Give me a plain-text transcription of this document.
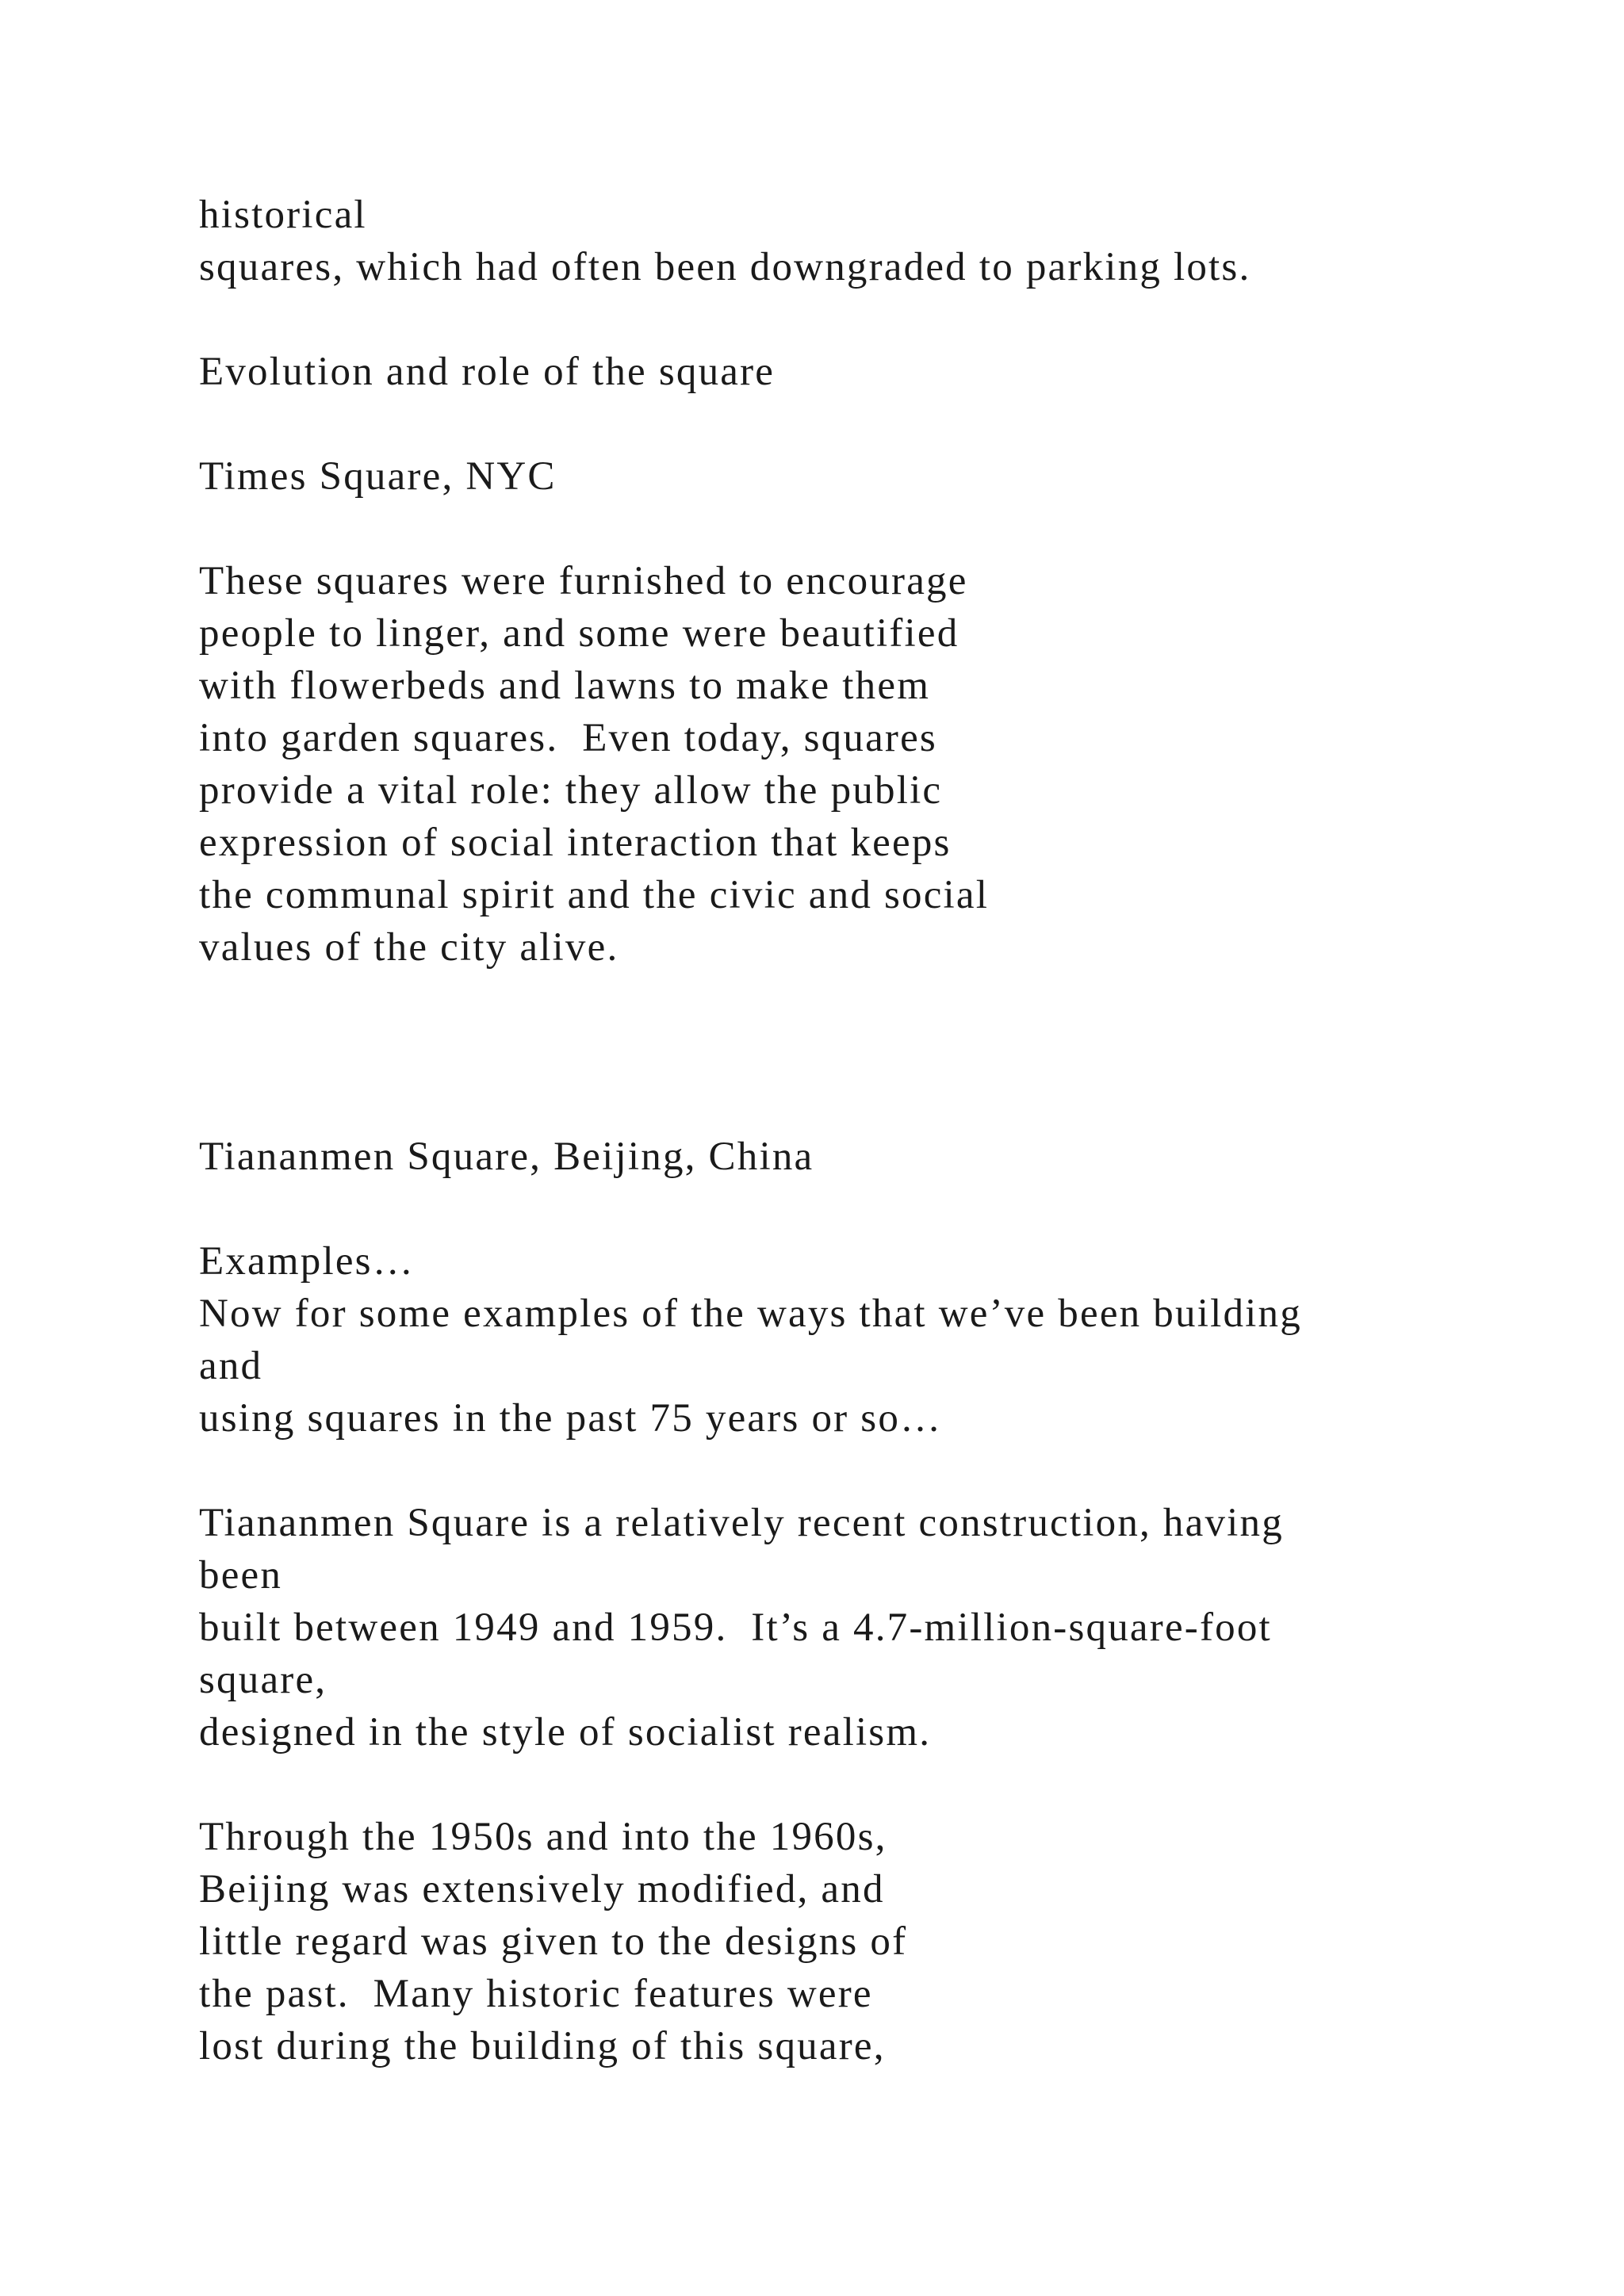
historical
squares, which had often been downgraded to parking lots.
Evolution and role of the square
Times Square, NYC
These squares were furnished to encourage
people to linger, and some were beautified
with flowerbeds and lawns to make them
into garden squares.  Even today, squares
provide a vital role: they allow the public
expression of social interaction that keeps
the communal spirit and the civic and social
values of the city alive.
Tiananmen Square, Beijing, China
Examples…
Now for some examples of the ways that we’ve been building
and
using squares in the past 75 years or so…
Tiananmen Square is a relatively recent construction, having
been
built between 1949 and 1959.  It’s a 4.7-million-square-foot
square,
designed in the style of socialist realism.
Through the 1950s and into the 1960s,
Beijing was extensively modified, and
little regard was given to the designs of
the past.  Many historic features were
lost during the building of this square,
